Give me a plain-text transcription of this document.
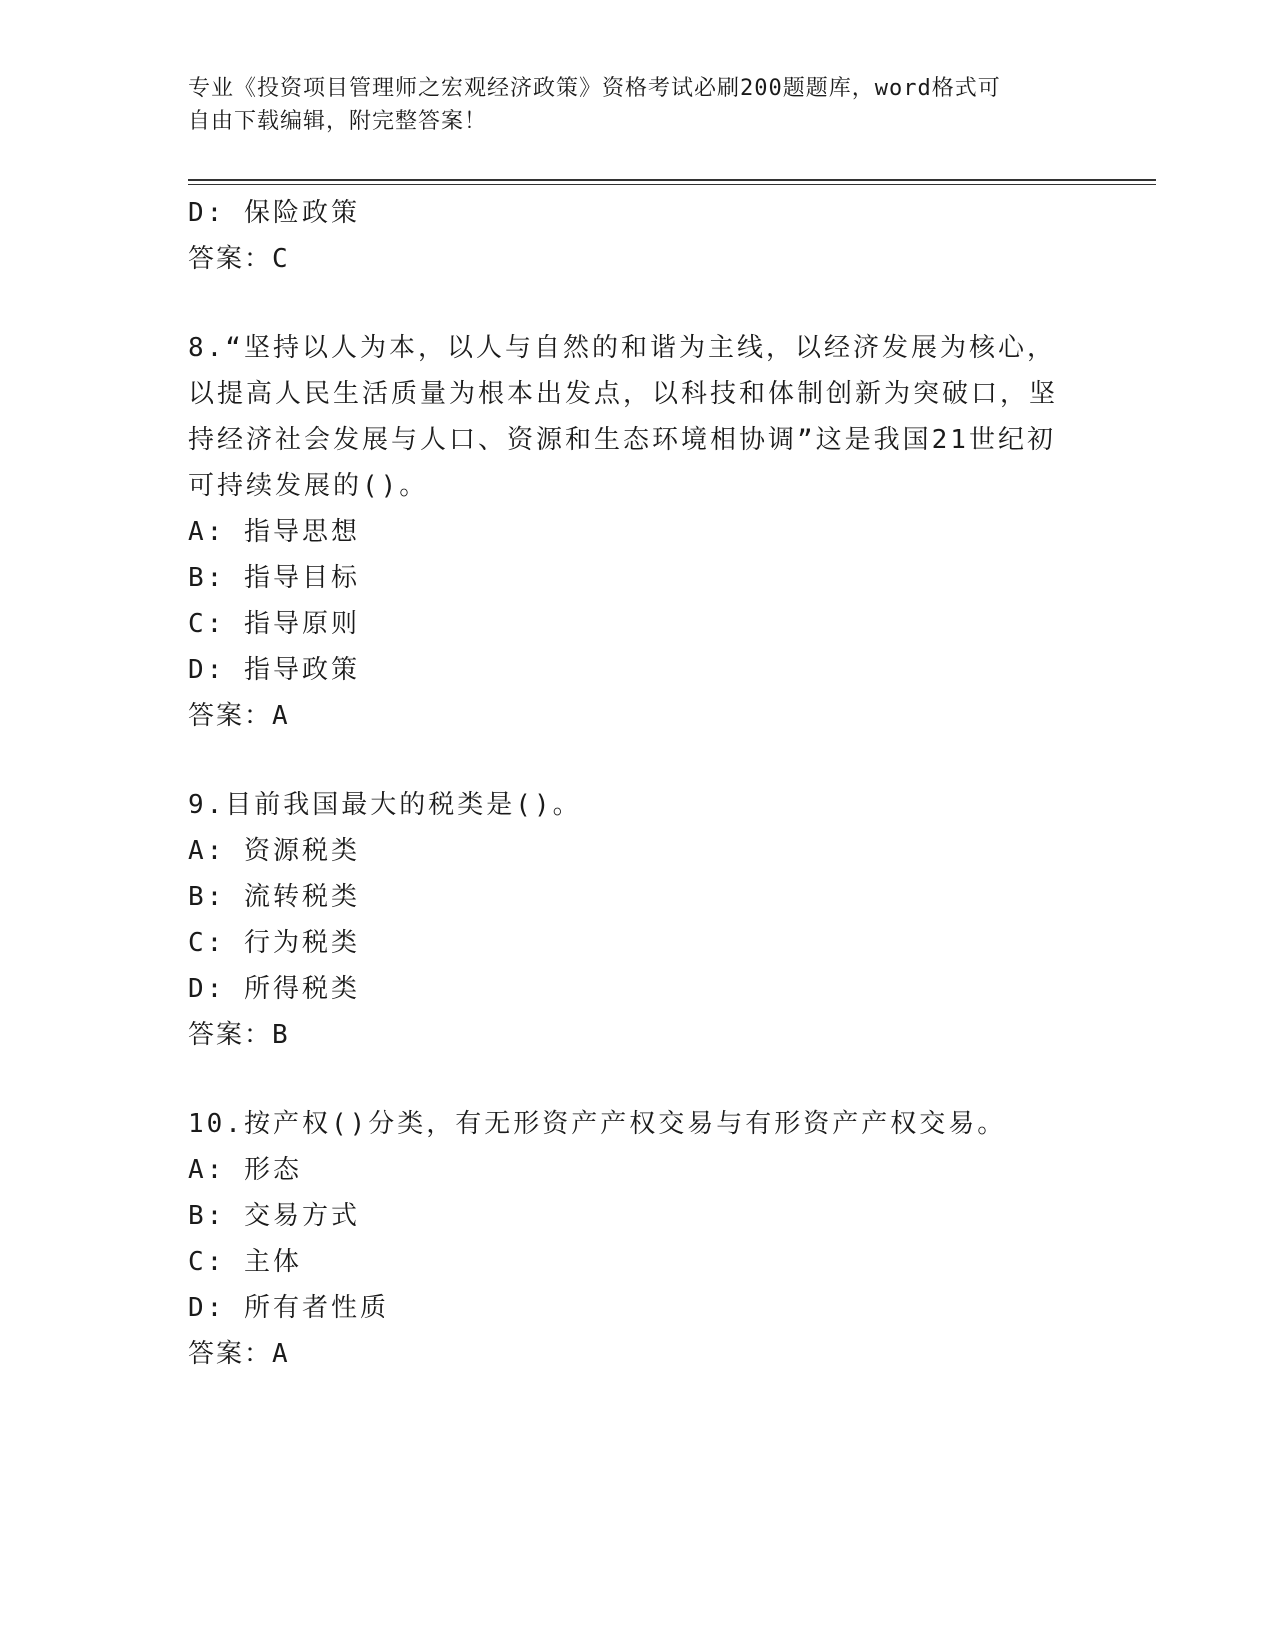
专业《投资项目管理师之宏观经济政策》资格考试必刷200题题库，word格式可
自由下载编辑，附完整答案！
D: 保险政策
答案：C
8.“坚持以人为本，以人与自然的和谐为主线，以经济发展为核心，
以提高人民生活质量为根本出发点，以科技和体制创新为突破口，坚
持经济社会发展与人口、资源和生态环境相协调”这是我国21世纪初
可持续发展的()。
A: 指导思想
B: 指导目标
C: 指导原则
D: 指导政策
答案：A
9.目前我国最大的税类是()。
A: 资源税类
B: 流转税类
C: 行为税类
D: 所得税类
答案：B
10.按产权()分类，有无形资产产权交易与有形资产产权交易。
A: 形态
B: 交易方式
C: 主体
D: 所有者性质
答案：A
